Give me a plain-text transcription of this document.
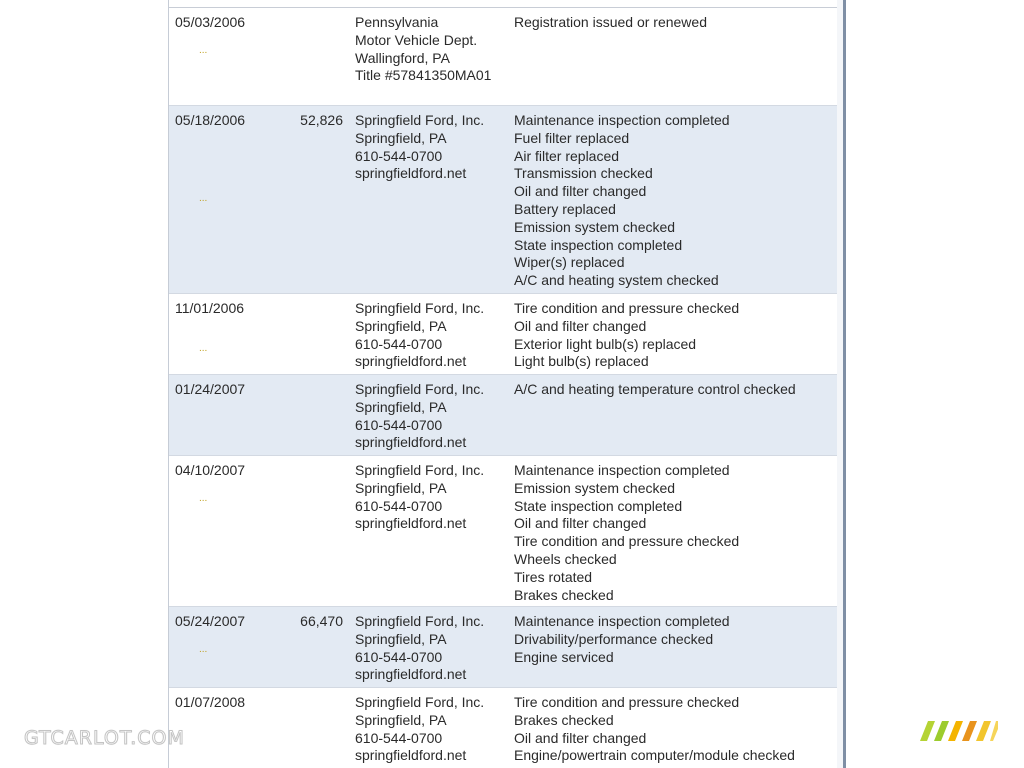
05/03/2006
...
Pennsylvania
Motor Vehicle Dept.
Wallingford, PA
Title #57841350MA01
Registration issued or renewed
05/18/2006
...
52,826 Springfield Ford, Inc.
Springfield, PA
610-544-0700
springfieldford.net
Maintenance inspection completed
Fuel filter replaced
Air filter replaced
Transmission checked
Oil and filter changed
Battery replaced
Emission system checked
State inspection completed
Wiper(s) replaced
A/C and heating system checked
11/01/2006
...
Springfield Ford, Inc.
Springfield, PA
610-544-0700
springfieldford.net
Tire condition and pressure checked
Oil and filter changed
Exterior light bulb(s) replaced
Light bulb(s) replaced
01/24/2007	Springfield Ford, Inc.
Springfield, PA
610-544-0700
springfieldford.net
A/C and heating temperature control checked
04/10/2007
...
Springfield Ford, Inc.
Springfield, PA
610-544-0700
springfieldford.net
Maintenance inspection completed
Emission system checked
State inspection completed
Oil and filter changed
Tire condition and pressure checked
Wheels checked
Tires rotated
Brakes checked
05/24/2007
...
66,470 Springfield Ford, Inc.
Springfield, PA
610-544-0700
springfieldford.net
Maintenance inspection completed
Drivability/performance checked
Engine serviced
01/07/2008	Springfield Ford, Inc.
Springfield, PA
610-544-0700
springfieldford.net
Tire condition and pressure checked
Brakes checked
Oil and filter changed
Engine/powertrain computer/module checked
GTCARLOT.COM
